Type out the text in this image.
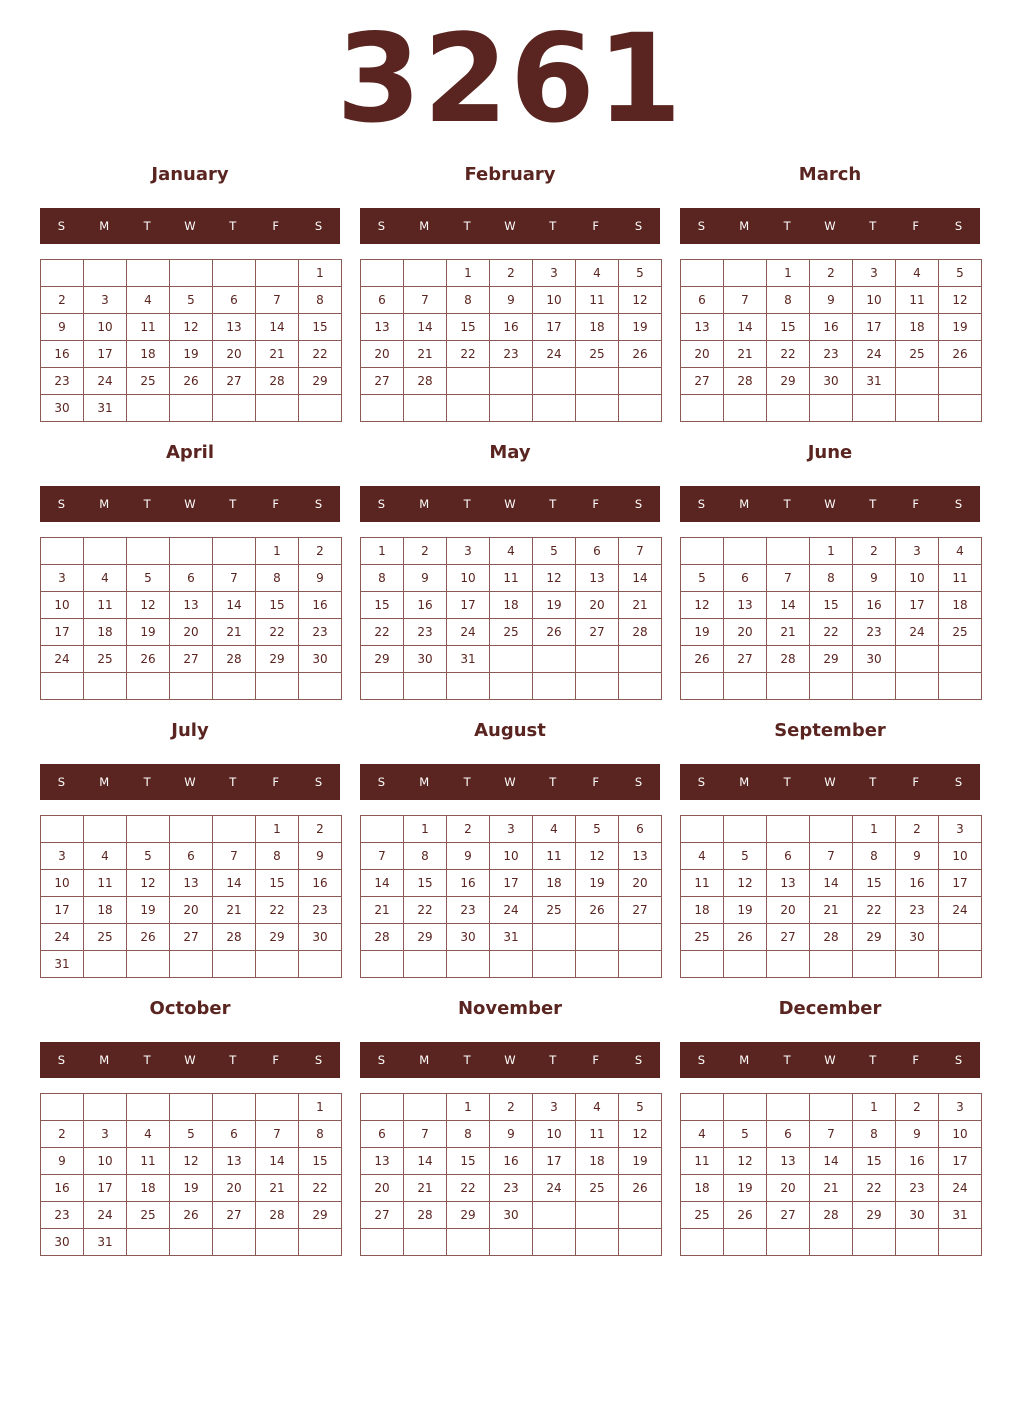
3261
January
S	M	T	W	T	F	S
						1
2	3	4	5	6	7	8
9	10	11	12	13	14	15
16	17	18	19	20	21	22
23	24	25	26	27	28	29
30	31					
February
S	M	T	W	T	F	S
		1	2	3	4	5
6	7	8	9	10	11	12
13	14	15	16	17	18	19
20	21	22	23	24	25	26
27	28					

March
S	M	T	W	T	F	S
		1	2	3	4	5
6	7	8	9	10	11	12
13	14	15	16	17	18	19
20	21	22	23	24	25	26
27	28	29	30	31		

April
S	M	T	W	T	F	S
					1	2
3	4	5	6	7	8	9
10	11	12	13	14	15	16
17	18	19	20	21	22	23
24	25	26	27	28	29	30

May
S	M	T	W	T	F	S
1	2	3	4	5	6	7
8	9	10	11	12	13	14
15	16	17	18	19	20	21
22	23	24	25	26	27	28
29	30	31				

June
S	M	T	W	T	F	S
			1	2	3	4
5	6	7	8	9	10	11
12	13	14	15	16	17	18
19	20	21	22	23	24	25
26	27	28	29	30		

July
S	M	T	W	T	F	S
					1	2
3	4	5	6	7	8	9
10	11	12	13	14	15	16
17	18	19	20	21	22	23
24	25	26	27	28	29	30
31						
August
S	M	T	W	T	F	S
	1	2	3	4	5	6
7	8	9	10	11	12	13
14	15	16	17	18	19	20
21	22	23	24	25	26	27
28	29	30	31			

September
S	M	T	W	T	F	S
				1	2	3
4	5	6	7	8	9	10
11	12	13	14	15	16	17
18	19	20	21	22	23	24
25	26	27	28	29	30	

October
S	M	T	W	T	F	S
						1
2	3	4	5	6	7	8
9	10	11	12	13	14	15
16	17	18	19	20	21	22
23	24	25	26	27	28	29
30	31					
November
S	M	T	W	T	F	S
		1	2	3	4	5
6	7	8	9	10	11	12
13	14	15	16	17	18	19
20	21	22	23	24	25	26
27	28	29	30			

December
S	M	T	W	T	F	S
				1	2	3
4	5	6	7	8	9	10
11	12	13	14	15	16	17
18	19	20	21	22	23	24
25	26	27	28	29	30	31
